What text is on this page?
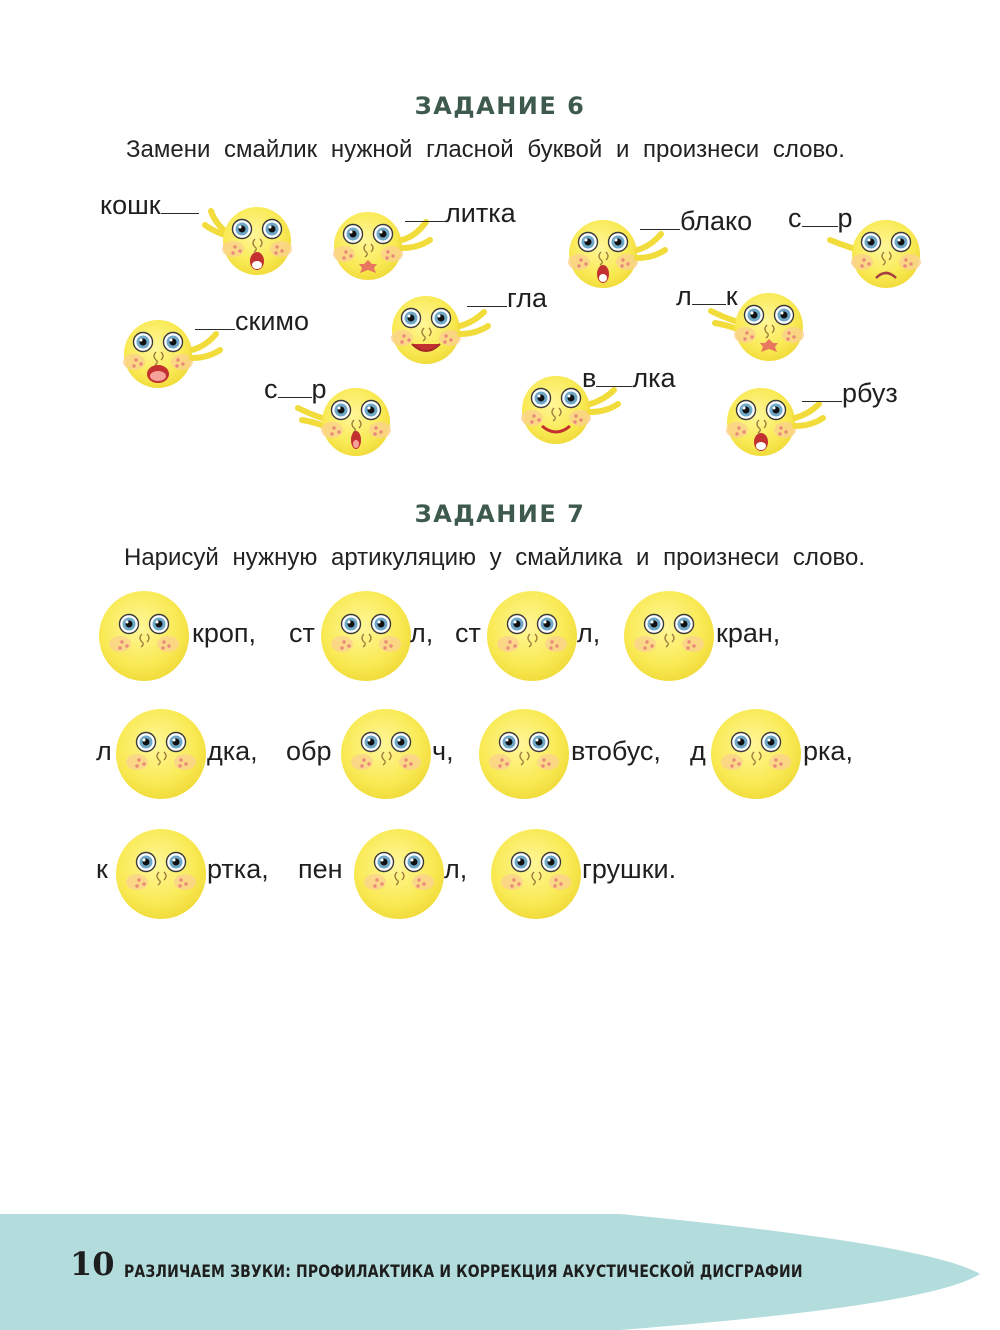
ЗАДАНИЕ 6
Замени смайлик нужной гласной буквой и произнеси слово.
кошк	литка	блако с р
скимо
гла	л к
с р	в лка	рбуз
ЗАДАНИЕ 7
Нарисуй нужную артикуляцию у смайлика и произнеси слово.
кроп, ст	л, ст	л,	кран,
л	дка, обр	ч,	втобус, д	рка,
к	ртка, пен	л,	грушки.
10 РАЗЛИЧАЕМ ЗВУКИ: ПРОФИЛАКТИКА И КОРРЕКЦИЯ АКУСТИЧЕСКОЙ ДИСГРАФИИ
